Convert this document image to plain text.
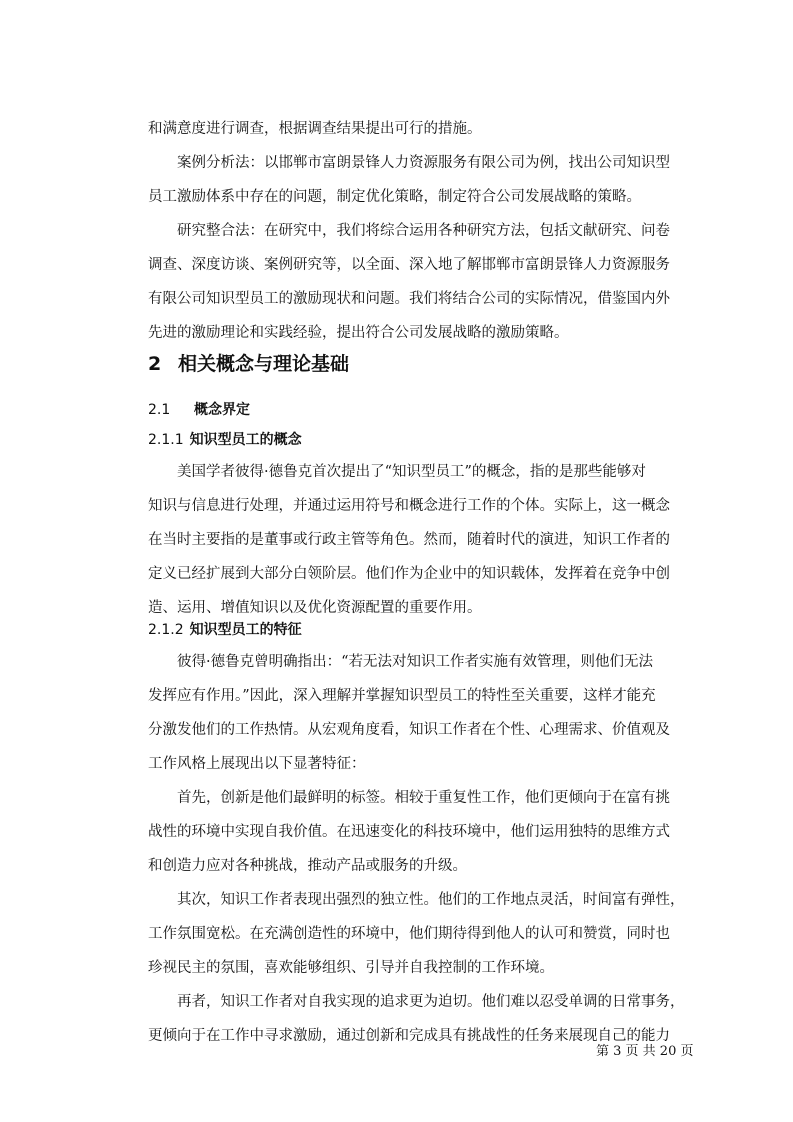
和满意度进行调查，根据调查结果提出可行的措施。
　　案例分析法：以邯郸市富朗景锋人力资源服务有限公司为例，找出公司知识型
员工激励体系中存在的问题，制定优化策略，制定符合公司发展战略的策略。
　　研究整合法：在研究中，我们将综合运用各种研究方法，包括文献研究、问卷
调查、深度访谈、案例研究等，以全面、深入地了解邯郸市富朗景锋人力资源服务
有限公司知识型员工的激励现状和问题。我们将结合公司的实际情况，借鉴国内外
先进的激励理论和实践经验，提出符合公司发展战略的激励策略。
2 相关概念与理论基础
2.1 概念界定
2.1.1 知识型员工的概念
　　美国学者彼得·德鲁克首次提出了“知识型员工”的概念，指的是那些能够对
知识与信息进行处理，并通过运用符号和概念进行工作的个体。实际上，这一概念
在当时主要指的是董事或行政主管等角色。然而，随着时代的演进，知识工作者的
定义已经扩展到大部分白领阶层。他们作为企业中的知识载体，发挥着在竞争中创
造、运用、增值知识以及优化资源配置的重要作用。
2.1.2 知识型员工的特征
　　彼得·德鲁克曾明确指出：“若无法对知识工作者实施有效管理，则他们无法
发挥应有作用。”因此，深入理解并掌握知识型员工的特性至关重要，这样才能充
分激发他们的工作热情。从宏观角度看，知识工作者在个性、心理需求、价值观及
工作风格上展现出以下显著特征：
　　首先，创新是他们最鲜明的标签。相较于重复性工作，他们更倾向于在富有挑
战性的环境中实现自我价值。在迅速变化的科技环境中，他们运用独特的思维方式
和创造力应对各种挑战，推动产品或服务的升级。
　　其次，知识工作者表现出强烈的独立性。他们的工作地点灵活，时间富有弹性，
工作氛围宽松。在充满创造性的环境中，他们期待得到他人的认可和赞赏，同时也
珍视民主的氛围，喜欢能够组织、引导并自我控制的工作环境。
　　再者，知识工作者对自我实现的追求更为迫切。他们难以忍受单调的日常事务，
更倾向于在工作中寻求激励，通过创新和完成具有挑战性的任务来展现自己的能力
第 3 页 共 20 页
